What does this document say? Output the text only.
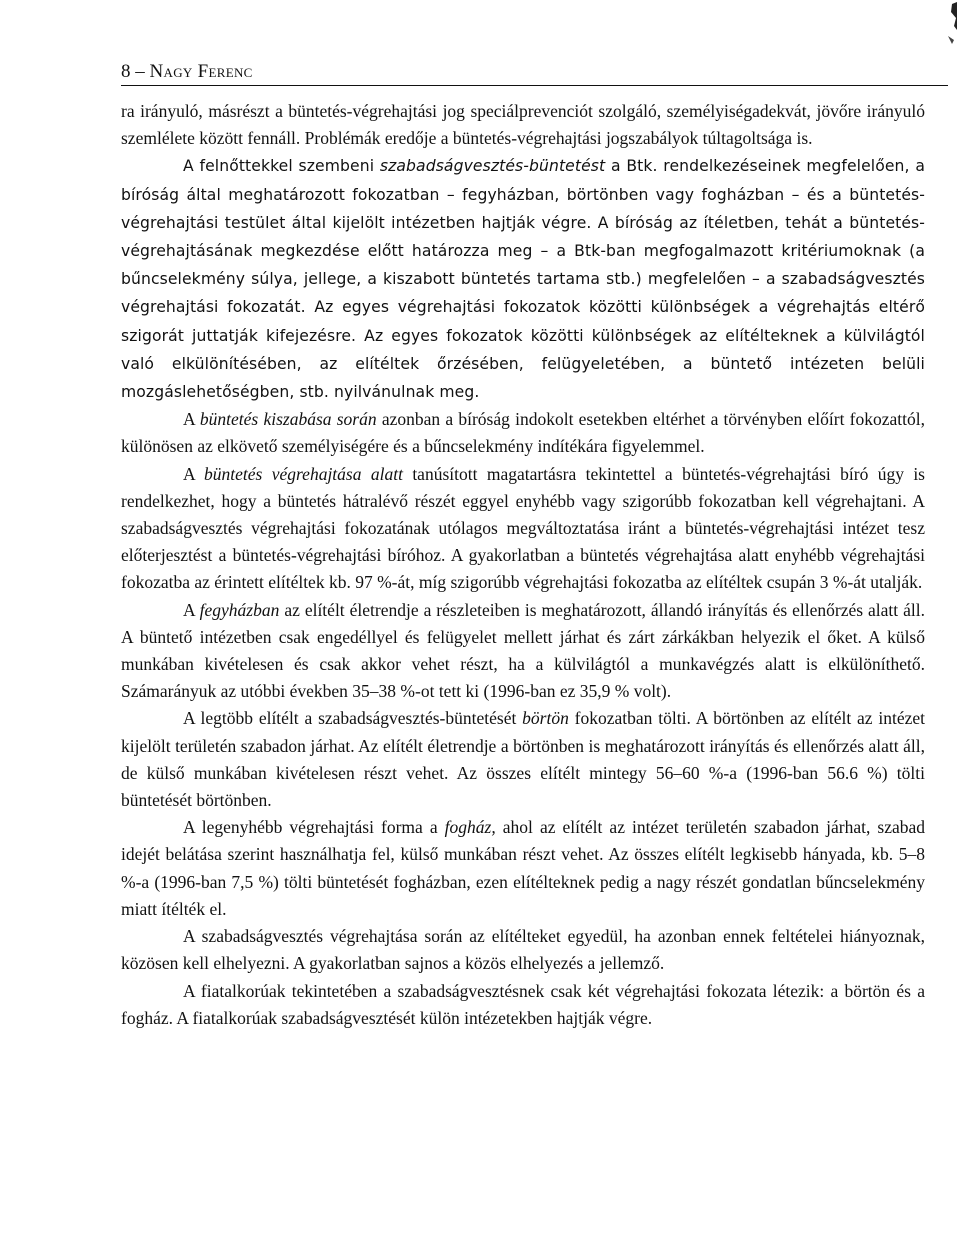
8 – Nagy Ferenc

ra irányuló, másrészt a büntetés-végrehajtási jog speciálprevenciót szolgáló, személyiségadekvát, jövőre irányuló szemlélete között fennáll. Problémák eredője a büntetés-végrehajtási jogszabályok túltagoltsága is.

A felnőttekkel szembeni szabadságvesztés-büntetést a Btk. rendelkezéseinek megfelelően, a bíróság által meghatározott fokozatban – fegyházban, börtönben vagy fogházban – és a büntetés-végrehajtási testület által kijelölt intézetben hajtják végre. A bíróság az ítéletben, tehát a büntetés-végrehajtásának megkezdése előtt határozza meg – a Btk-ban megfogalmazott kritériumoknak (a bűncselekmény súlya, jellege, a kiszabott büntetés tartama stb.) megfelelően – a szabadságvesztés végrehajtási fokozatát. Az egyes végrehajtási fokozatok közötti különbségek a végrehajtás eltérő szigorát juttatják kifejezésre. Az egyes fokozatok közötti különbségek az elítélteknek a külvilágtól való elkülönítésében, az elítéltek őrzésében, felügyeletében, a büntető intézeten belüli mozgáslehetőségben, stb. nyilvánulnak meg.

A büntetés kiszabása során azonban a bíróság indokolt esetekben eltérhet a törvényben előírt fokozattól, különösen az elkövető személyiségére és a bűncselekmény indítékára figyelemmel.

A büntetés végrehajtása alatt tanúsított magatartásra tekintettel a büntetés-végrehajtási bíró úgy is rendelkezhet, hogy a büntetés hátralévő részét eggyel enyhébb vagy szigorúbb fokozatban kell végrehajtani. A szabadságvesztés végrehajtási fokozatának utólagos megváltoztatása iránt a büntetés-végrehajtási intézet tesz előterjesztést a büntetés-végrehajtási bíróhoz. A gyakorlatban a büntetés végrehajtása alatt enyhébb végrehajtási fokozatba az érintett elítéltek kb. 97 %-át, míg szigorúbb végrehajtási fokozatba az elítéltek csupán 3 %-át utalják.

A fegyházban az elítélt életrendje a részleteiben is meghatározott, állandó irányítás és ellenőrzés alatt áll. A büntető intézetben csak engedéllyel és felügyelet mellett járhat és zárt zárkákban helyezik el őket. A külső munkában kivételesen és csak akkor vehet részt, ha a külvilágtól a munkavégzés alatt is elkülöníthető. Számarányuk az utóbbi években 35–38 %-ot tett ki (1996-ban ez 35,9 % volt).

A legtöbb elítélt a szabadságvesztés-büntetését börtön fokozatban tölti. A börtönben az elítélt az intézet kijelölt területén szabadon járhat. Az elítélt életrendje a börtönben is meghatározott irányítás és ellenőrzés alatt áll, de külső munkában kivételesen részt vehet. Az összes elítélt mintegy 56–60 %-a (1996-ban 56.6 %) tölti büntetését börtönben.

A legenyhébb végrehajtási forma a fogház, ahol az elítélt az intézet területén szabadon járhat, szabad idejét belátása szerint használhatja fel, külső munkában részt vehet. Az összes elítélt legkisebb hányada, kb. 5–8 %-a (1996-ban 7,5 %) tölti büntetését fogházban, ezen elítélteknek pedig a nagy részét gondatlan bűncselekmény miatt ítélték el.

A szabadságvesztés végrehajtása során az elítélteket egyedül, ha azonban ennek feltételei hiányoznak, közösen kell elhelyezni. A gyakorlatban sajnos a közös elhelyezés a jellemző.

A fiatalkorúak tekintetében a szabadságvesztésnek csak két végrehajtási fokozata létezik: a börtön és a fogház. A fiatalkorúak szabadságvesztését külön intézetekben hajtják végre.
